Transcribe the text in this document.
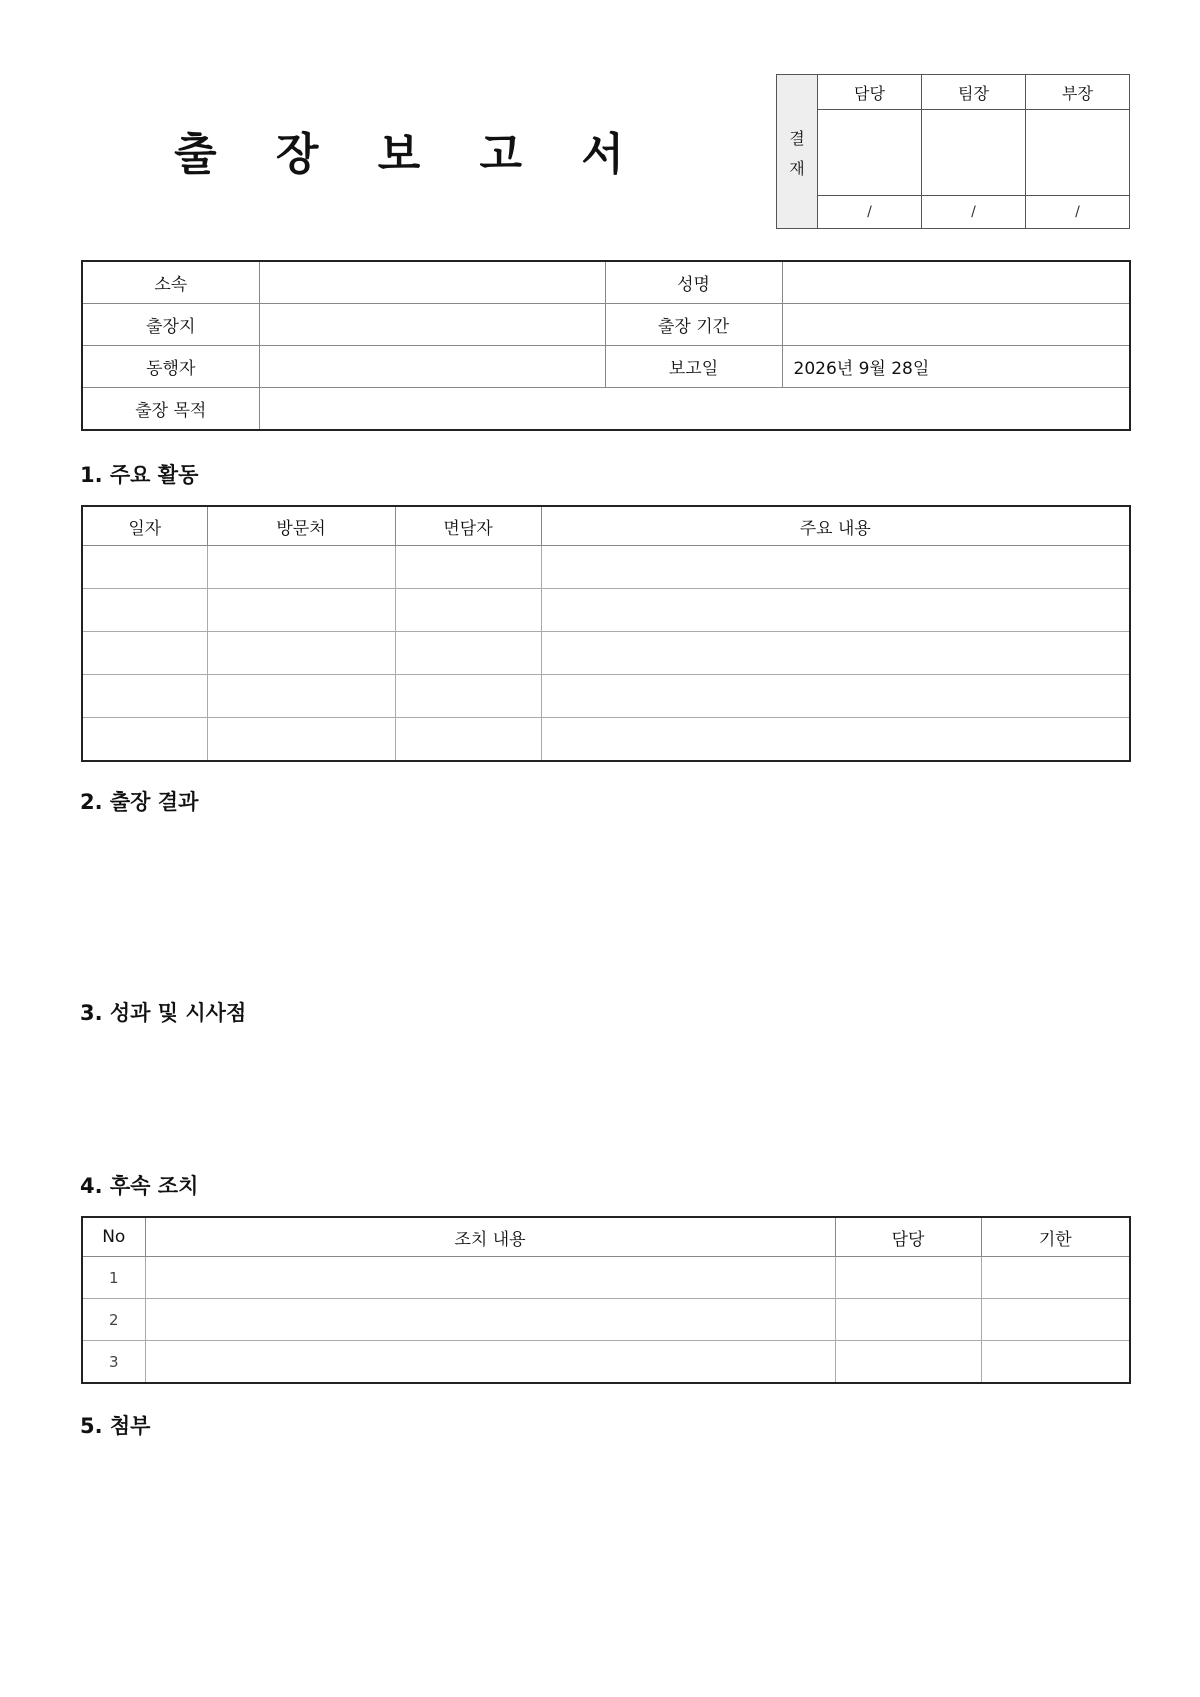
출 장 보 고 서	결
재	담당	팀장	부장

	/	/	/
소속		성명	
출장지		출장 기간	
동행자		보고일	2026년 9월 28일
출장 목적			
1. 주요 활동
일자	방문처	면담자	주요 내용

2. 출장 결과
3. 성과 및 시사점
4. 후속 조치
No	조치 내용	담당	기한
1			
2			
3			
5. 첨부
